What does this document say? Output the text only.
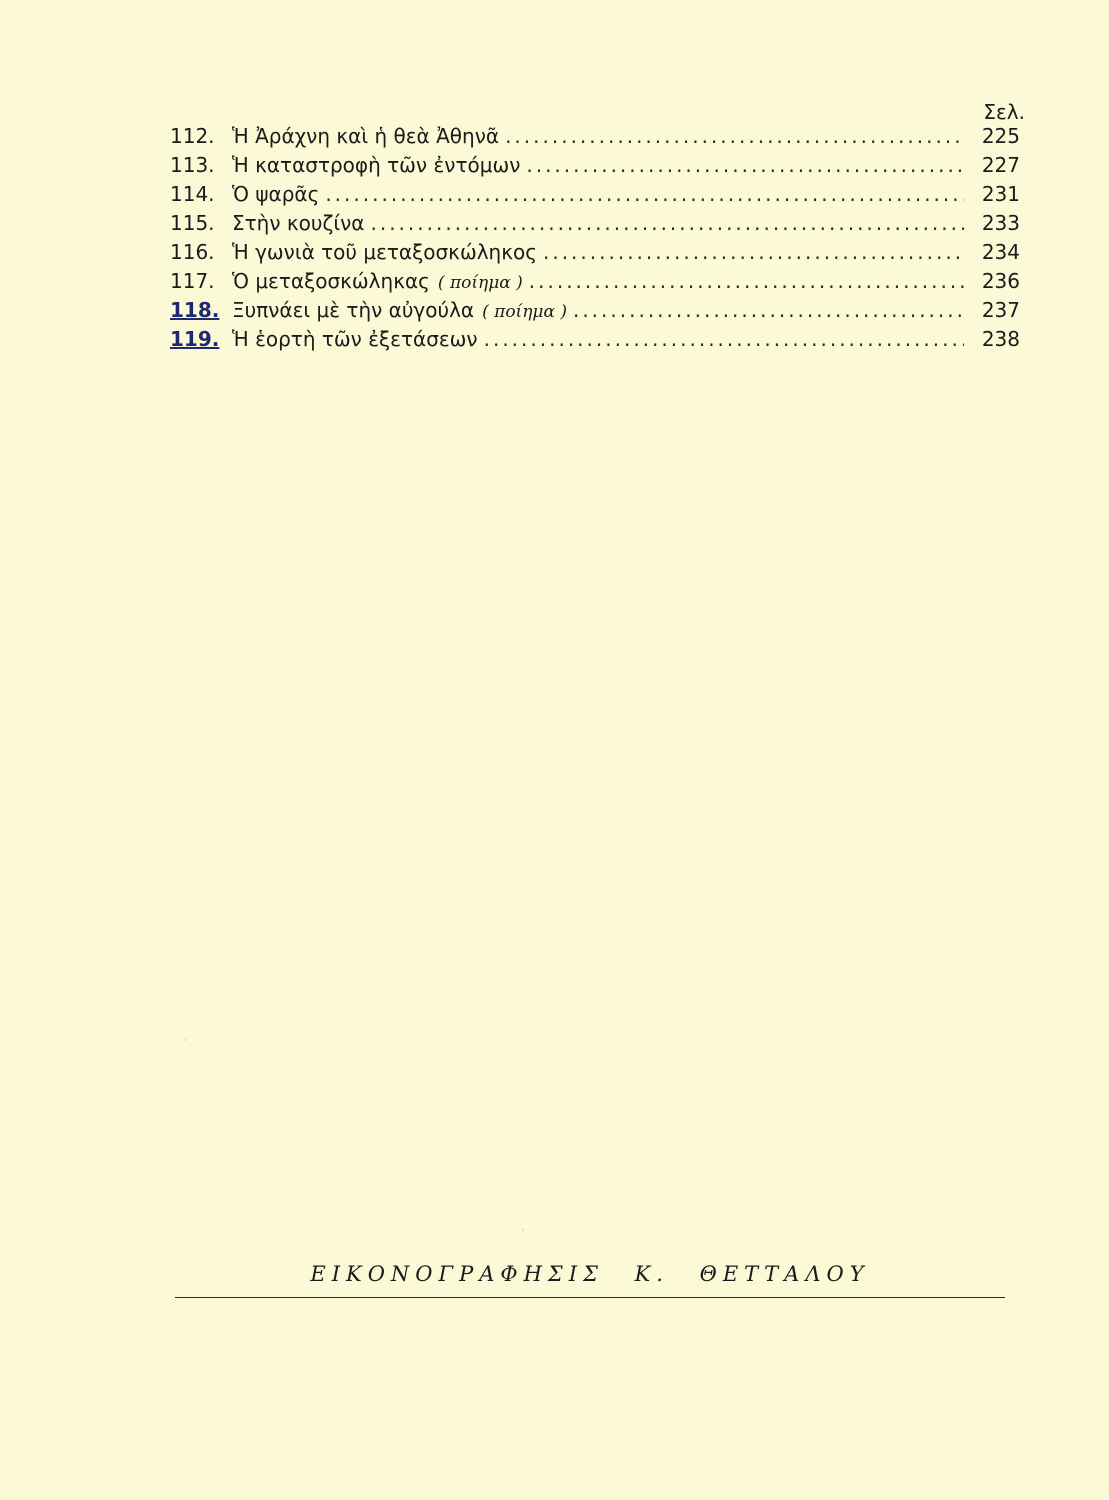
Σελ.
112. Ἡ Ἀράχνη καὶ ἡ θεὰ Ἀθηνᾶ .....	225
113. Ἡ καταστροφὴ τῶν ἐντόμων .....	227
114. Ὁ ψαρᾶς .....	231
115. Στὴν κουζίνα .....	233
116. Ἡ γωνιὰ τοῦ μεταξοσκώληκος .....	234
117. Ὁ μεταξοσκώληκας ( ποίημα ) .....	236
118. Ξυπνάει μὲ τὴν αὐγούλα ( ποίημα ) .....	237
119. Ἡ ἑορτὴ τῶν ἐξετάσεων .....	238
·
·
ΕΙΚΟΝΟΓΡΑΦΗΣΙΣ Κ. ΘΕΤΤΑΛΟΥ
